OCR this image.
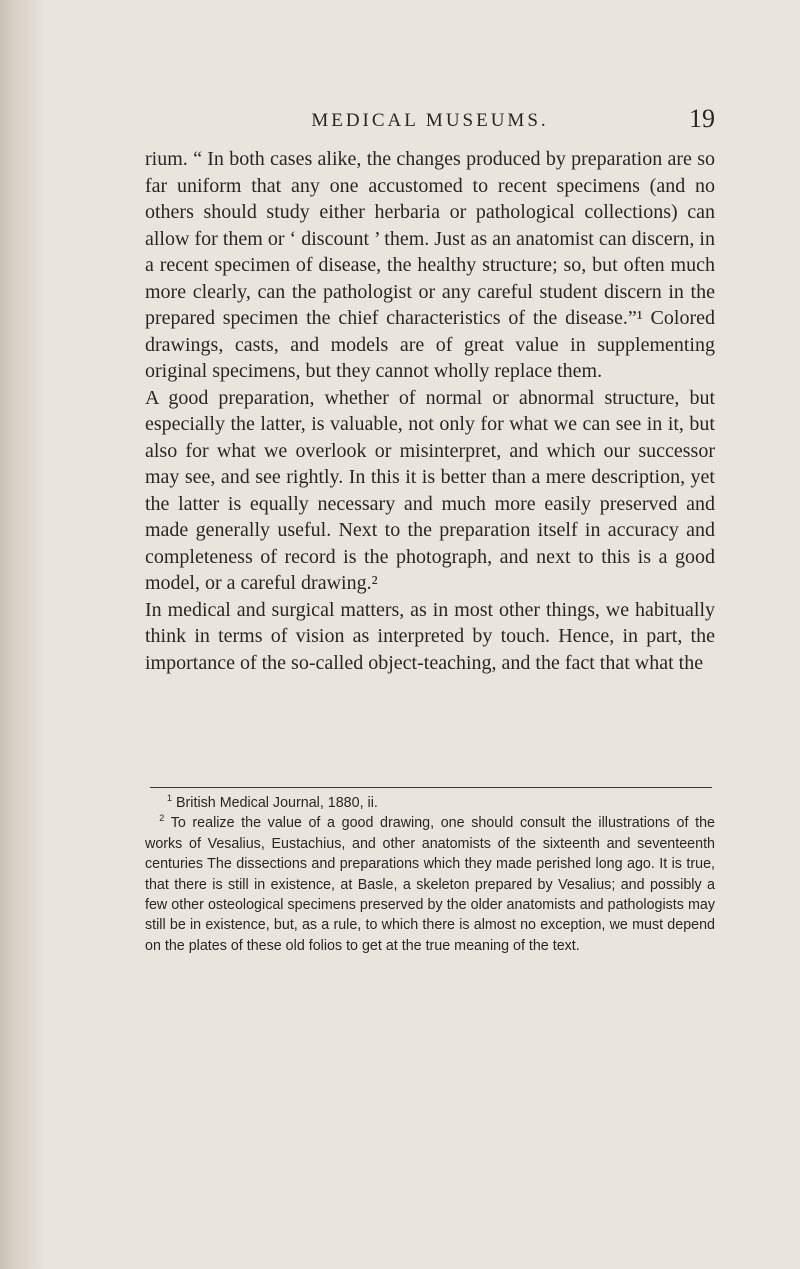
MEDICAL MUSEUMS.	19

rium. “ In both cases alike, the changes produced by preparation are so far uniform that any one accustomed to recent specimens (and no others should study either herbaria or pathological collections) can allow for them or ‘ discount ’ them. Just as an anatomist can discern, in a recent specimen of disease, the healthy structure; so, but often much more clearly, can the pathologist or any careful student discern in the prepared specimen the chief characteristics of the disease.”¹ Colored drawings, casts, and models are of great value in supplementing original specimens, but they cannot wholly replace them.

A good preparation, whether of normal or abnormal structure, but especially the latter, is valuable, not only for what we can see in it, but also for what we overlook or misinterpret, and which our successor may see, and see rightly. In this it is better than a mere description, yet the latter is equally necessary and much more easily preserved and made generally useful. Next to the preparation itself in accuracy and completeness of record is the photograph, and next to this is a good model, or a careful drawing.²

In medical and surgical matters, as in most other things, we habitually think in terms of vision as interpreted by touch. Hence, in part, the importance of the so-called object-teaching, and the fact that what the

$^1$ British Medical Journal, 1880, ii.

 $^2$ To realize the value of a good drawing, one should consult the illustrations of the works of Vesalius, Eustachius, and other anatomists of the sixteenth and seventeenth centuries The dissections and preparations which they made perished long ago. It is true, that there is still in existence, at Basle, a skeleton prepared by Vesalius; and possibly a few other osteological specimens preserved by the older anatomists and pathologists may still be in existence, but, as a rule, to which there is almost no exception, we must depend on the plates of these old folios to get at the true meaning of the text.
